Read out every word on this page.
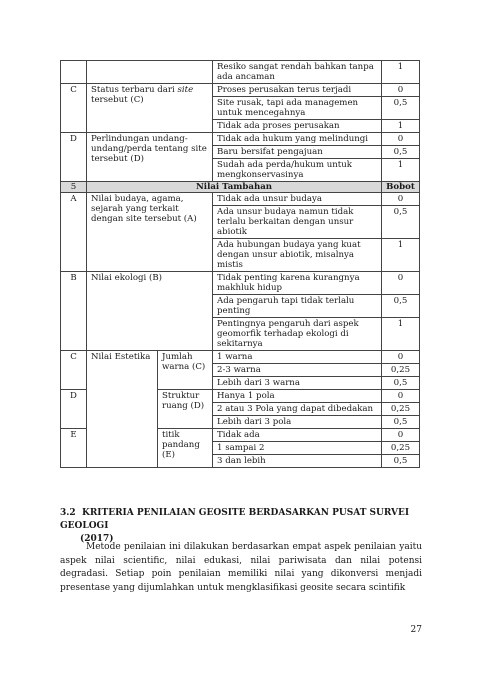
			Resiko sangat rendah bahkan tanpa ada ancaman	1
C	Status terbaru dari site tersebut (C)		Proses perusakan terus terjadi	0
			Site rusak, tapi ada managemen untuk mencegahnya	0,5
			Tidak ada proses perusakan	1
D	Perlindungan undang-undang/perda tentang site tersebut (D)		Tidak ada hukum yang melindungi	0
			Baru bersifat pengajuan	0,5
			Sudah ada perda/hukum untuk mengkonservasinya	1
5	Nilai Tambahan			Bobot
A	Nilai budaya, agama, sejarah yang terkait dengan site tersebut (A)		Tidak ada unsur budaya	0
			Ada unsur budaya namun tidak terlalu berkaitan dengan unsur abiotik	0,5
			Ada hubungan budaya yang kuat dengan unsur abiotik, misalnya mistis	1
B	Nilai ekologi (B)		Tidak penting karena kurangnya makhluk hidup	0
			Ada pengaruh tapi tidak terlalu penting	0,5
			Pentingnya pengaruh dari aspek geomorfik terhadap ekologi di sekitarnya	1
C	Nilai Estetika	Jumlah warna (C)	1 warna	0
			2-3 warna	0,25
			Lebih dari 3 warna	0,5
D		Struktur ruang (D)	Hanya 1 pola	0
			2 atau 3 Pola yang dapat dibedakan	0,25
			Lebih dari 3 pola	0,5
E		titik pandang (E)	Tidak ada	0
			1 sampai 2	0,25
			3 dan lebih	0,5
3.2 KRITERIA PENILAIAN GEOSITE BERDASARKAN PUSAT SURVEI GEOLOGI
(2017)

Metode penilaian ini dilakukan berdasarkan empat aspek penilaian yaitu aspek nilai scientific, nilai edukasi, nilai pariwisata dan nilai potensi degradasi. Setiap poin penilaian memiliki nilai yang dikonversi menjadi presentase yang dijumlahkan untuk mengklasifikasi geosite secara scintifik

27
